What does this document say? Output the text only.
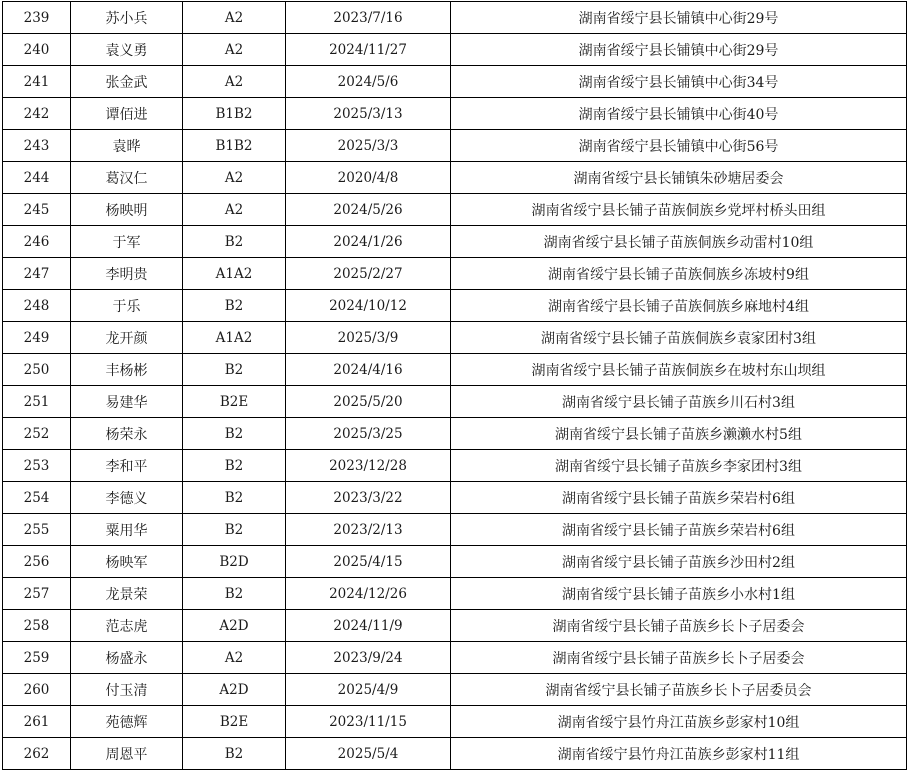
239	苏小兵	A2	2023/7/16	湖南省绥宁县长铺镇中心街29号
240	袁义勇	A2	2024/11/27	湖南省绥宁县长铺镇中心街29号
241	张金武	A2	2024/5/6	湖南省绥宁县长铺镇中心街34号
242	谭佰进	B1B2	2025/3/13	湖南省绥宁县长铺镇中心街40号
243	袁晔	B1B2	2025/3/3	湖南省绥宁县长铺镇中心街56号
244	葛汉仁	A2	2020/4/8	湖南省绥宁县长铺镇朱砂塘居委会
245	杨映明	A2	2024/5/26	湖南省绥宁县长铺子苗族侗族乡党坪村桥头田组
246	于军	B2	2024/1/26	湖南省绥宁县长铺子苗族侗族乡动雷村10组
247	李明贵	A1A2	2025/2/27	湖南省绥宁县长铺子苗族侗族乡冻坡村9组
248	于乐	B2	2024/10/12	湖南省绥宁县长铺子苗族侗族乡麻地村4组
249	龙开颜	A1A2	2025/3/9	湖南省绥宁县长铺子苗族侗族乡袁家团村3组
250	丰杨彬	B2	2024/4/16	湖南省绥宁县长铺子苗族侗族乡在坡村东山坝组
251	易建华	B2E	2025/5/20	湖南省绥宁县长铺子苗族乡川石村3组
252	杨荣永	B2	2025/3/25	湖南省绥宁县长铺子苗族乡濑濑水村5组
253	李和平	B2	2023/12/28	湖南省绥宁县长铺子苗族乡李家团村3组
254	李德义	B2	2023/3/22	湖南省绥宁县长铺子苗族乡荣岩村6组
255	粟用华	B2	2023/2/13	湖南省绥宁县长铺子苗族乡荣岩村6组
256	杨映军	B2D	2025/4/15	湖南省绥宁县长铺子苗族乡沙田村2组
257	龙景荣	B2	2024/12/26	湖南省绥宁县长铺子苗族乡小水村1组
258	范志虎	A2D	2024/11/9	湖南省绥宁县长铺子苗族乡长卜子居委会
259	杨盛永	A2	2023/9/24	湖南省绥宁县长铺子苗族乡长卜子居委会
260	付玉清	A2D	2025/4/9	湖南省绥宁县长铺子苗族乡长卜子居委员会
261	苑德辉	B2E	2023/11/15	湖南省绥宁县竹舟江苗族乡彭家村10组
262	周恩平	B2	2025/5/4	湖南省绥宁县竹舟江苗族乡彭家村11组
